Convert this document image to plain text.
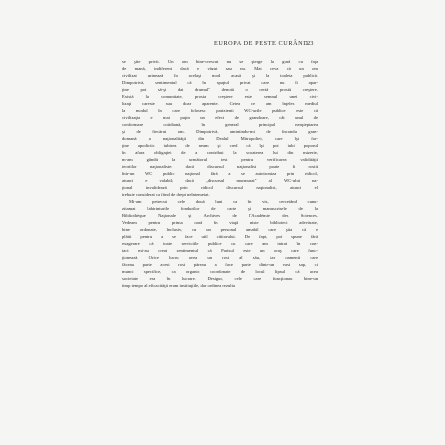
EUROPA DE PESTE CURÂND
23
se ştie privit. Un om bine-crescut nu se şterge la gură cu faţa
de mană, indiferent dacă e văzut sau nu. Mai ceva că un om
civilizat urinează în acelaşi mod acasă şi la toaleta publică.
Dimpotrivă, sentimentul că în spaţiul privat care nu îi apar-
ţine pot să-şi dai drumul" denotă o certă prostă creştere.
Există la comunitate, prosta creştere este semnul unei civi-
lizaţi careste suu doar aparente. Cetea ce am înţeles mediul
la modul în care folosesc parizienii WC-urile publice este că
civilizaţia e mai puţin un efect de grandoare, cât unul de
conformare cotidiană, în general principal neaşteptarea
şi de fiecărui om. Dimpotrivă, amintindu-mi de încondu gran-
domană a naţionalităţii din Dealul Mitropoliei, care îşi for-
ţine apodictic iubirea de neam şi cred că îşi pot iubi poporul
în afara obligaţiei de a contribui la scoaterea lui din mizerie,
m-am gândit la următorul test pentru verificarea validităţii
teoriilor naţionaliste: dacă discursul naţionalist poate fi rostit
într-un WC public naţional fără a se autoironiza prin ridicol,
atunci e valabil; dacă „discursul murmurat" al WC-ului na-
ţional invalidează prin ridicol discursul naţionalist, atunci el
trebuie considerat ca fiind de drept neîntemeiat.
Mi-am petrecut cele două luni ca în vis, cercetând cunu-
zitamat labirinturile fondurilor de carte şi manuscrisele de la
Bibliothèque Naţionale şi Archives de l'Académie des Sciences.
Vedeam pentru prima oară în viaţă niste biblioteci adevărate,
bine ordonate, înclusiv, cu un personal amabil care ştia că e
plătit pentru a se face util cititorului. De fapt, pot spune fără
exagerare că toate serviciile publice cu care am intrat în con-
tact mi-au creat sentimentul că Parisul este un oraş care func-
ţionează. Orice lucru avea un rost al său, iar oamenii care
făceau parte acest rost păreau a face parte dintr-un vast sap, ci
munci specifice, ca organic coordonate de locul lipsul că acea
societate era în lucrare. Desigur, cele care funcţionau bine-un
timp tempo al eficacităţii eram instituţiile, dar ordinea rezulta
